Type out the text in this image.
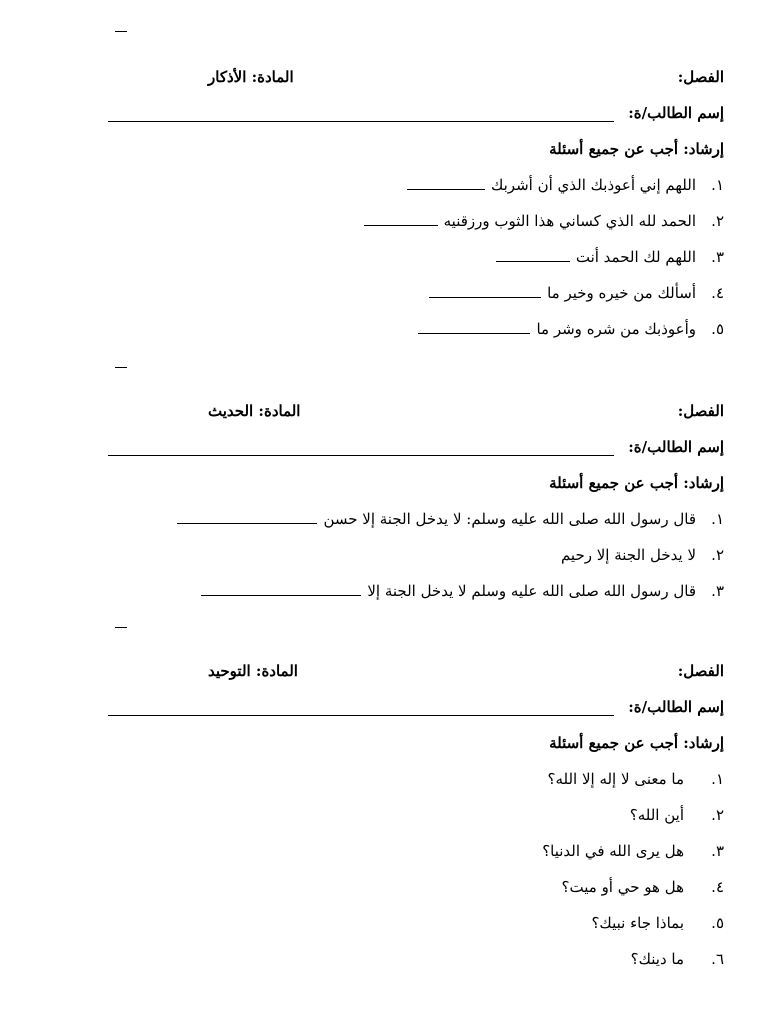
الفصل:
المادة: الأذكار
إسم الطالب/ة:
إرشاد: أجب عن جميع أسئلة
١.
اللهم إني أعوذبك الذي أن أشربك
٢.
الحمد لله الذي كساني هذا الثوب ورزقنيه
٣.
اللهم لك الحمد أنت
٤.
أسألك من خيره وخير ما
٥.
وأعوذبك من شره وشر ما
الفصل:
المادة: الحديث
إسم الطالب/ة:
إرشاد: أجب عن جميع أسئلة
١.
قال رسول الله صلى الله عليه وسلم: لا يدخل الجنة إلا حسن
٢.
لا يدخل الجنة إلا رحيم
٣.
قال رسول الله صلى الله عليه وسلم لا يدخل الجنة إلا
الفصل:
المادة: التوحيد
إسم الطالب/ة:
إرشاد: أجب عن جميع أسئلة
١.
ما معنى لا إله إلا الله؟
٢.
أين الله؟
٣.
هل يرى الله في الدنيا؟
٤.
هل هو حي أو ميت؟
٥.
بماذا جاء نبيك؟
٦.
ما دينك؟
